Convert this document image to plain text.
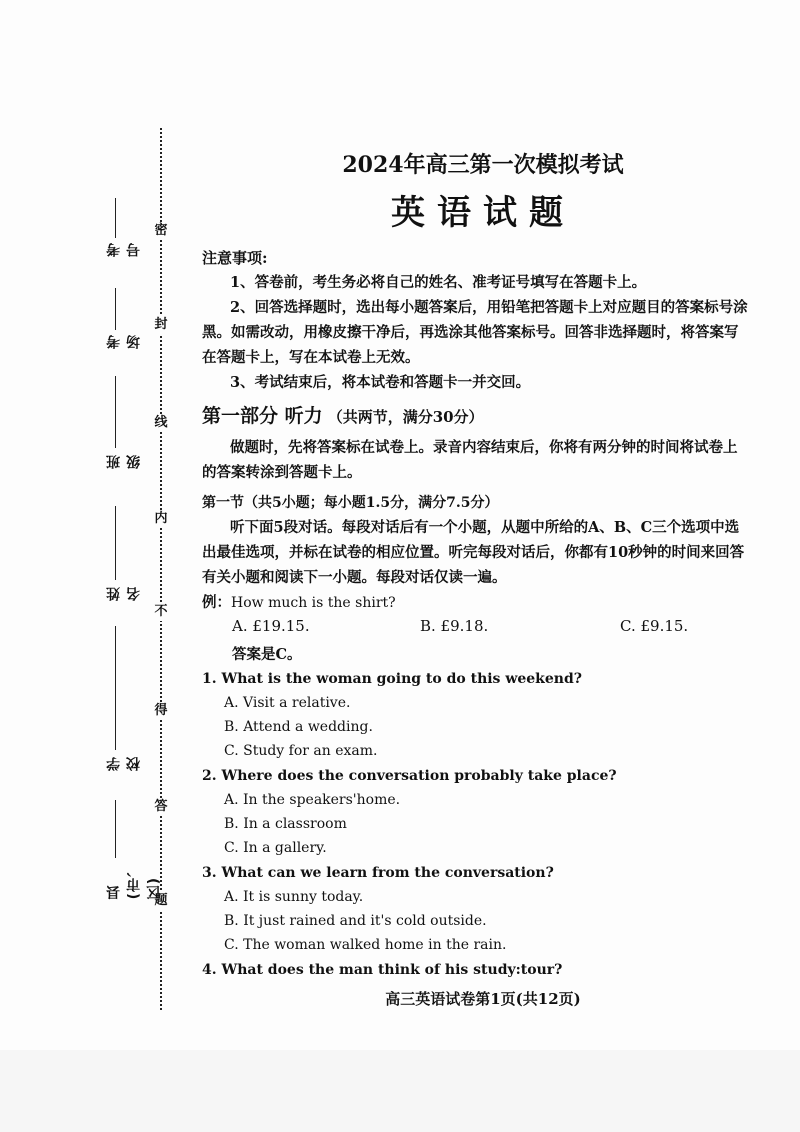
密
封
线
内
不
得
答
题
考号
考场
班级
姓名
学校
县(市、区)
2024年高三第一次模拟考试
英语试题
注意事项:
1、答卷前，考生务必将自己的姓名、准考证号填写在答题卡上。
2、回答选择题时，选出每小题答案后，用铅笔把答题卡上对应题目的答案标号涂
黑。如需改动，用橡皮擦干净后，再选涂其他答案标号。回答非选择题时，将答案写
在答题卡上，写在本试卷上无效。
3、考试结束后，将本试卷和答题卡一并交回。
第一部分 听力 （共两节，满分30分）
做题时，先将答案标在试卷上。录音内容结束后，你将有两分钟的时间将试卷上
的答案转涂到答题卡上。
第一节（共5小题；每小题1.5分，满分7.5分）
听下面5段对话。每段对话后有一个小题，从题中所给的A、B、C三个选项中选
出最佳选项，并标在试卷的相应位置。听完每段对话后，你都有10秒钟的时间来回答
有关小题和阅读下一小题。每段对话仅读一遍。
例：How much is the shirt?
A. £19.15.	B. £9.18.	C. £9.15.
答案是C。
1. What is the woman going to do this weekend?
A. Visit a relative.
B. Attend a wedding.
C. Study for an exam.
2. Where does the conversation probably take place?
A. In the speakers'home.
B. In a classroom
C. In a gallery.
3. What can we learn from the conversation?
A. It is sunny today.
B. It just rained and it's cold outside.
C. The woman walked home in the rain.
4. What does the man think of his study:tour?
高三英语试卷第1页(共12页)
